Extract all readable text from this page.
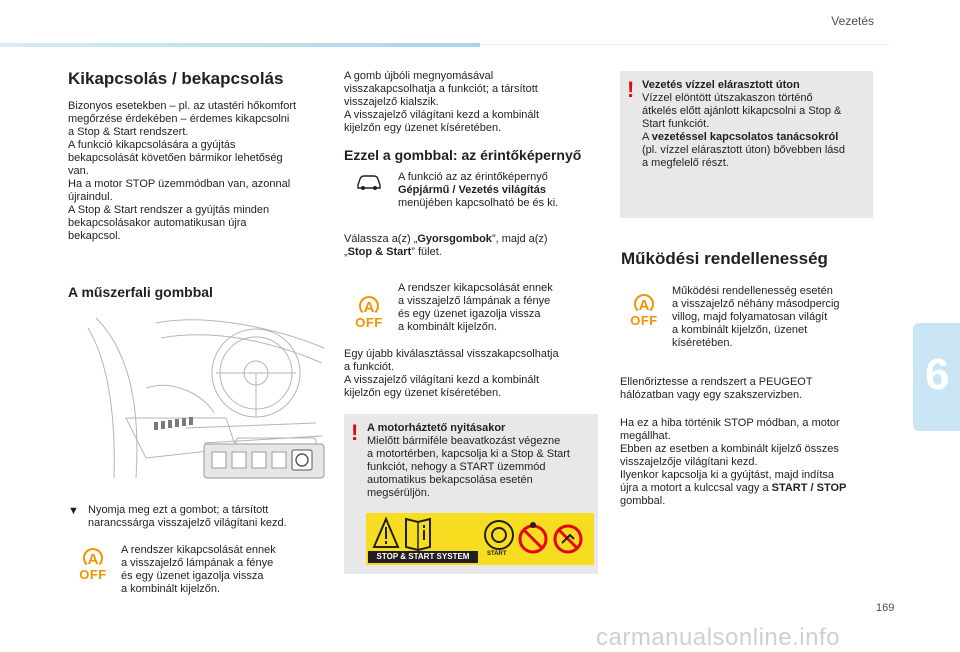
Vezetés
6
Kikapcsolás / bekapcsolás

Bizonyos esetekben – pl. az utastéri hőkomfort

megőrzése érdekében – érdemes kikapcsolni

a Stop & Start rendszert.

A funkció kikapcsolására a gyújtás

bekapcsolását követően bármikor lehetőség

van.

Ha a motor STOP üzemmódban van, azonnal

újraindul.

A Stop & Start rendszer a gyújtás minden

bekapcsolásakor automatikusan újra

bekapcsol.

A műszerfali gombbal
▼ Nyomja meg ezt a gombot; a társított

narancssárga visszajelző világítani kezd.

A
OFF

A rendszer kikapcsolását ennek

a visszajelző lámpának a fénye

és egy üzenet igazolja vissza

a kombinált kijelzőn.

A gomb újbóli megnyomásával

visszakapcsolhatja a funkciót; a társított

visszajelző kialszik.

A visszajelző világítani kezd a kombinált

kijelzőn egy üzenet kíséretében.

Ezzel a gombbal: az érintőképernyő

A funkció az az érintőképernyő

Gépjármű / Vezetés világítás

menüjében kapcsolható be és ki.

Válassza a(z) „Gyorsgombok”, majd a(z)

„Stop & Start” fület.

A
OFF

A rendszer kikapcsolását ennek

a visszajelző lámpának a fénye

és egy üzenet igazolja vissza

a kombinált kijelzőn.

Egy újabb kiválasztással visszakapcsolhatja

a funkciót.

A visszajelző világítani kezd a kombinált

kijelzőn egy üzenet kíséretében.

! A motorháztető nyitásakor

Mielőtt bármiféle beavatkozást végezne

a motortérben, kapcsolja ki a Stop & Start

funkciót, nehogy a START üzemmód

automatikus bekapcsolása esetén

megsérüljön.

STOP & START SYSTEM	START
! Vezetés vízzel elárasztott úton

Vízzel elöntött útszakaszon történő

átkelés előtt ajánlott kikapcsolni a Stop &

Start funkciót.

A vezetéssel kapcsolatos tanácsokról

(pl. vízzel elárasztott úton) bővebben lásd

a megfelelő részt.

Működési rendellenesség
A
OFF

Működési rendellenesség esetén

a visszajelző néhány másodpercig

villog, majd folyamatosan világít

a kombinált kijelzőn, üzenet

kíséretében.

Ellenőriztesse a rendszert a PEUGEOT

hálózatban vagy egy szakszervizben.

Ha ez a hiba történik STOP módban, a motor

megállhat.

Ebben az esetben a kombinált kijelző összes

visszajelzője világítani kezd.

Ilyenkor kapcsolja ki a gyújtást, majd indítsa

újra a motort a kulccsal vagy a START / STOP

gombbal.

169
carmanualsonline.info
